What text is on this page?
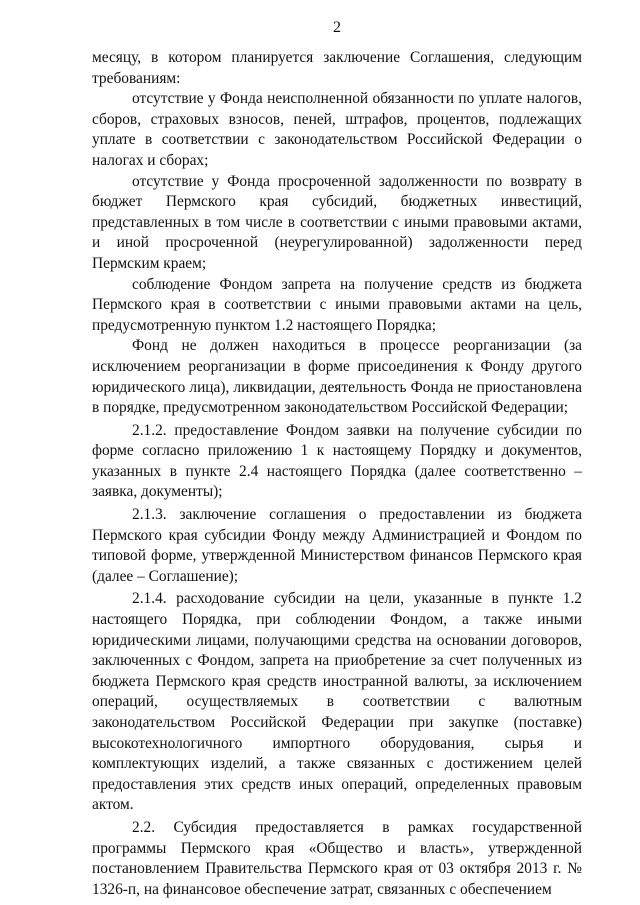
2

месяцу, в котором планируется заключение Соглашения, следующим требованиям:

отсутствие у Фонда неисполненной обязанности по уплате налогов, сборов, страховых взносов, пеней, штрафов, процентов, подлежащих уплате в соответствии с законодательством Российской Федерации о налогах и сборах;

отсутствие у Фонда просроченной задолженности по возврату в бюджет Пермского края субсидий, бюджетных инвестиций, представленных в том числе в соответствии с иными правовыми актами, и иной просроченной (неурегулированной) задолженности перед Пермским краем;

соблюдение Фондом запрета на получение средств из бюджета Пермского края в соответствии с иными правовыми актами на цель, предусмотренную пунктом 1.2 настоящего Порядка;

Фонд не должен находиться в процессе реорганизации (за исключением реорганизации в форме присоединения к Фонду другого юридического лица), ликвидации, деятельность Фонда не приостановлена в порядке, предусмотренном законодательством Российской Федерации;

2.1.2. предоставление Фондом заявки на получение субсидии по форме согласно приложению 1 к настоящему Порядку и документов, указанных в пункте 2.4 настоящего Порядка (далее соответственно – заявка, документы);

2.1.3. заключение соглашения о предоставлении из бюджета Пермского края субсидии Фонду между Администрацией и Фондом по типовой форме, утвержденной Министерством финансов Пермского края (далее – Соглашение);

2.1.4. расходование субсидии на цели, указанные в пункте 1.2 настоящего Порядка, при соблюдении Фондом, а также иными юридическими лицами, получающими средства на основании договоров, заключенных с Фондом, запрета на приобретение за счет полученных из бюджета Пермского края средств иностранной валюты, за исключением операций, осуществляемых в соответствии с валютным законодательством Российской Федерации при закупке (поставке) высокотехнологичного импортного оборудования, сырья и комплектующих изделий, а также связанных с достижением целей предоставления этих средств иных операций, определенных правовым актом.

2.2. Субсидия предоставляется в рамках государственной программы Пермского края «Общество и власть», утвержденной постановлением Правительства Пермского края от 03 октября 2013 г. № 1326-п, на финансовое обеспечение затрат, связанных с обеспечением
